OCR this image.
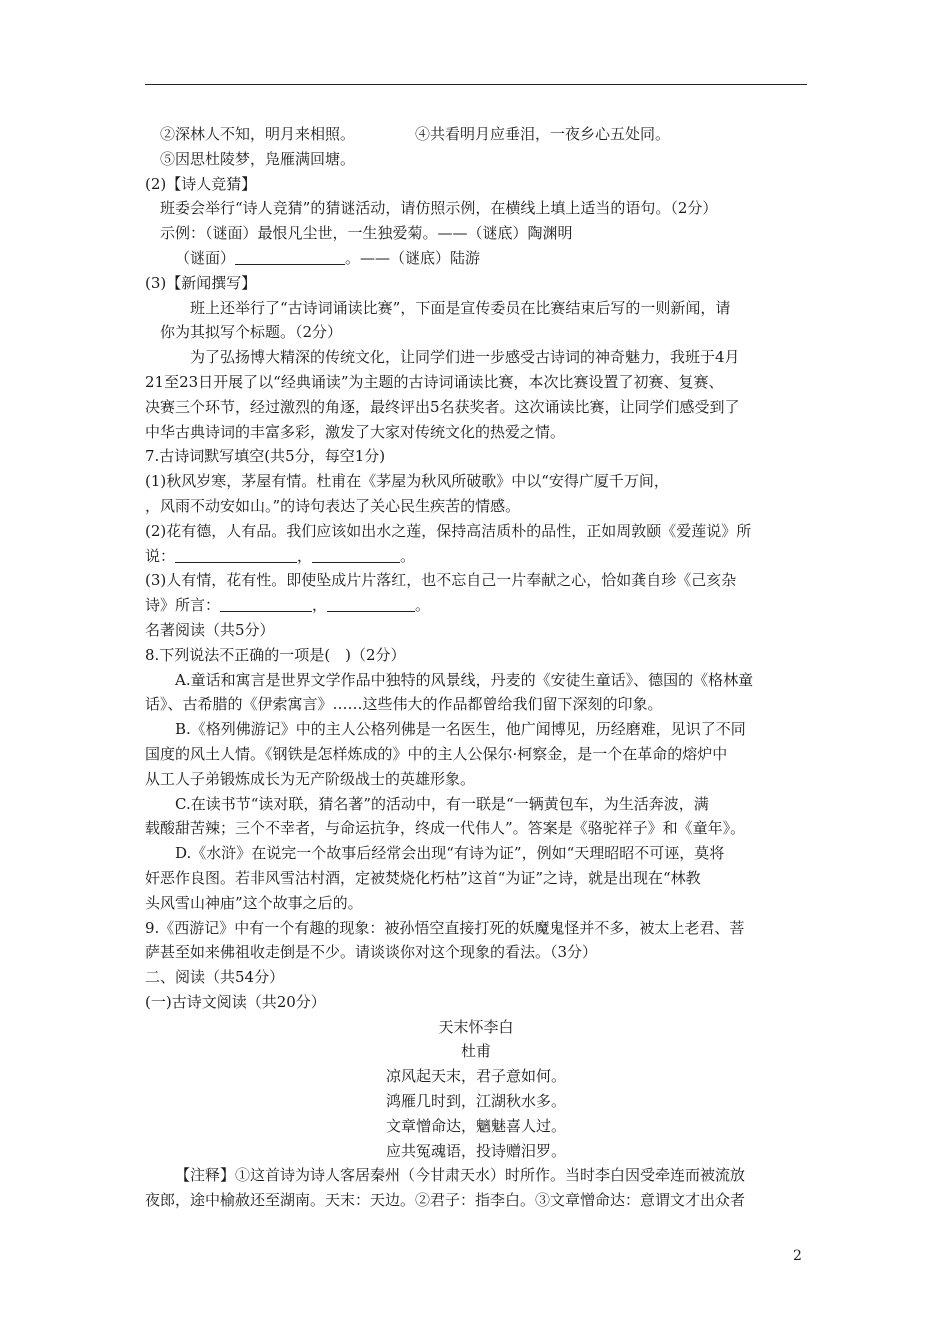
②深林人不知，明月来相照。	④共看明月应垂泪，一夜乡心五处同。
⑤因思杜陵梦，凫雁满回塘。
(2)【诗人竞猜】
班委会举行“诗人竞猜”的猜谜活动，请仿照示例，在横线上填上适当的语句。（2分）
示例：（谜面）最恨凡尘世，一生独爱菊。——（谜底）陶渊明
（谜面）	。——（谜底）陆游
(3)【新闻撰写】
班上还举行了“古诗词诵读比赛”，下面是宣传委员在比赛结束后写的一则新闻，请
你为其拟写个标题。（2分）
为了弘扬博大精深的传统文化，让同学们进一步感受古诗词的神奇魅力，我班于4月
21至23日开展了以“经典诵读”为主题的古诗词诵读比赛，本次比赛设置了初赛、复赛、
决赛三个环节，经过激烈的角逐，最终评出5名获奖者。这次诵读比赛，让同学们感受到了
中华古典诗词的丰富多彩，激发了大家对传统文化的热爱之情。
7.古诗词默写填空(共5分，每空1分)
(1)秋风岁寒，茅屋有情。杜甫在《茅屋为秋风所破歌》中以“安得广厦千万间，
，风雨不动安如山。”的诗句表达了关心民生疾苦的情感。
(2)花有德，人有品。我们应该如出水之莲，保持高洁质朴的品性，正如周敦颐《爱莲说》所
说：	，	。
(3)人有情，花有性。即使坠成片片落红，也不忘自己一片奉献之心，恰如龚自珍《己亥杂
诗》所言：	，	。
名著阅读（共5分）
8.下列说法不正确的一项是(　)（2分）
A.童话和寓言是世界文学作品中独特的风景线，丹麦的《安徒生童话》、德国的《格林童
话》、古希腊的《伊索寓言》……这些伟大的作品都曾给我们留下深刻的印象。
B.《格列佛游记》中的主人公格列佛是一名医生，他广闻博见，历经磨难，见识了不同
国度的风土人情。《钢铁是怎样炼成的》中的主人公保尔·柯察金，是一个在革命的熔炉中
从工人子弟锻炼成长为无产阶级战士的英雄形象。
C.在读书节“读对联，猜名著”的活动中，有一联是“一辆黄包车，为生活奔波，满
载酸甜苦辣；三个不幸者，与命运抗争，终成一代伟人”。答案是《骆驼祥子》和《童年》。
D.《水浒》在说完一个故事后经常会出现“有诗为证”，例如“天理昭昭不可诬，莫将
奸恶作良图。若非风雪沽村酒，定被焚烧化朽枯”这首“为证”之诗，就是出现在“林教
头风雪山神庙”这个故事之后的。
9.《西游记》中有一个有趣的现象：被孙悟空直接打死的妖魔鬼怪并不多，被太上老君、菩
萨甚至如来佛祖收走倒是不少。请谈谈你对这个现象的看法。（3分）
二、阅读（共54分）
(一)古诗文阅读（共20分）
天末怀李白
杜甫
凉风起天末，君子意如何。
鸿雁几时到，江湖秋水多。
文章憎命达，魑魅喜人过。
应共冤魂语，投诗赠汨罗。
【注释】①这首诗为诗人客居秦州（今甘肃天水）时所作。当时李白因受牵连而被流放
夜郎，途中榆赦还至湖南。天末：天边。②君子：指李白。③文章憎命达：意谓文才出众者
2
